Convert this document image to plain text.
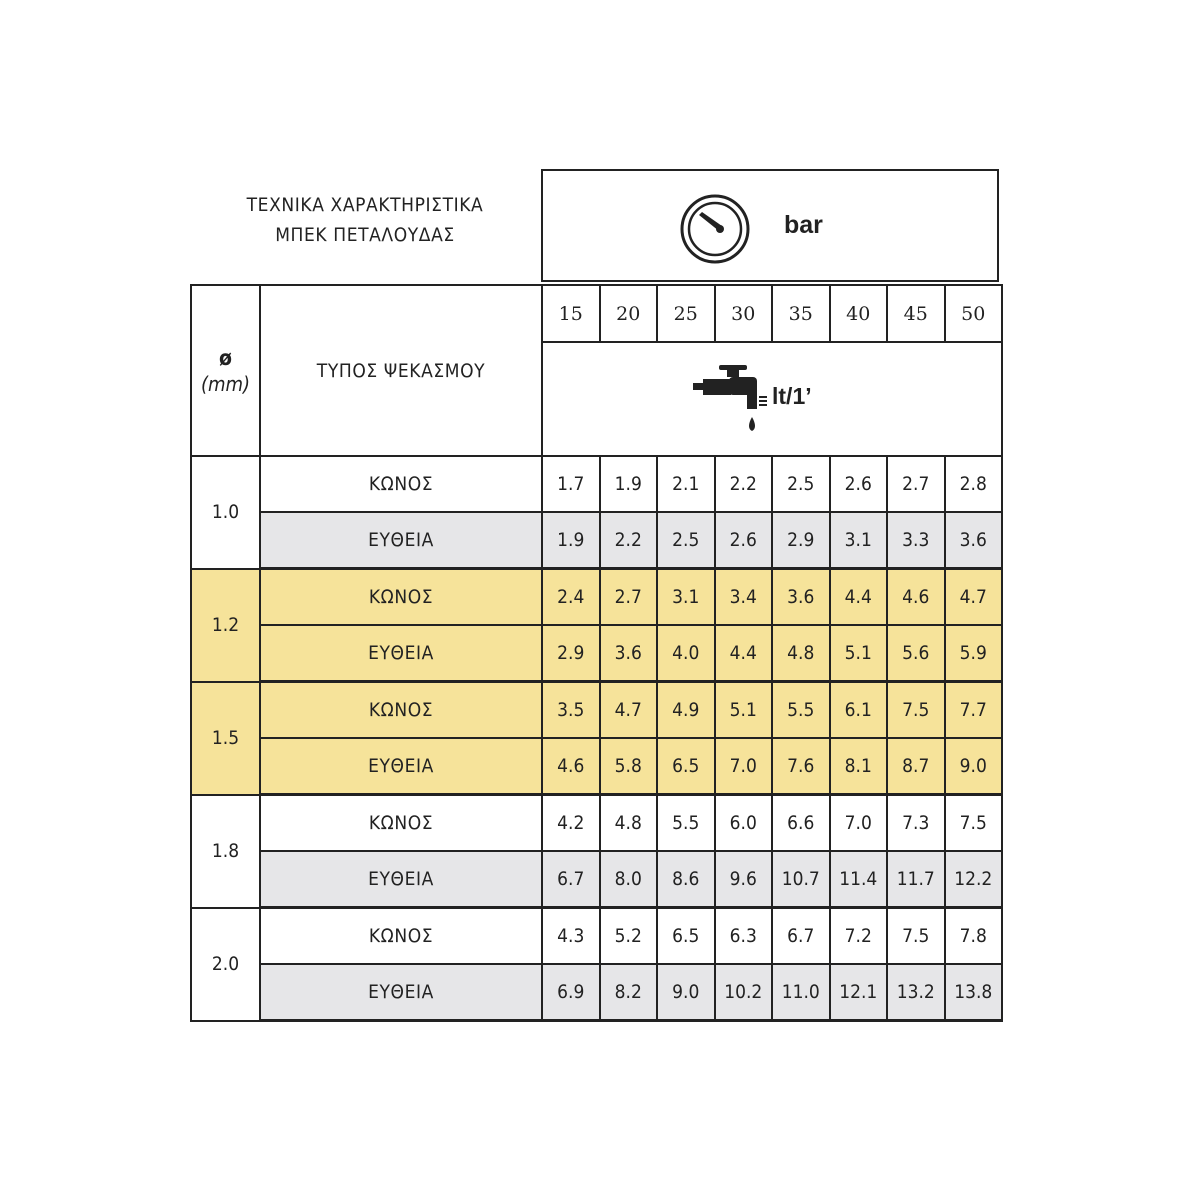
ΤΕΧΝΙΚΑ ΧΑΡΑΚΤΗΡΙΣΤΙΚΑ
ΜΠΕΚ ΠΕΤΑΛΟΥΔΑΣ	bar
ø
(mm)	ΤΥΠΟΣ ΨΕΚΑΣΜΟΥ	15	20	25	30	35	40	45	50

		lt/1’							

1.0	ΚΩΝΟΣ	1.7	1.9	2.1	2.2	2.5	2.6	2.7	2.8
	ΕΥΘΕΙΑ	1.9	2.2	2.5	2.6	2.9	3.1	3.3	3.6
1.2	ΚΩΝΟΣ	2.4	2.7	3.1	3.4	3.6	4.4	4.6	4.7
	ΕΥΘΕΙΑ	2.9	3.6	4.0	4.4	4.8	5.1	5.6	5.9
1.5	ΚΩΝΟΣ	3.5	4.7	4.9	5.1	5.5	6.1	7.5	7.7
	ΕΥΘΕΙΑ	4.6	5.8	6.5	7.0	7.6	8.1	8.7	9.0
1.8	ΚΩΝΟΣ	4.2	4.8	5.5	6.0	6.6	7.0	7.3	7.5
	ΕΥΘΕΙΑ	6.7	8.0	8.6	9.6	10.7	11.4	11.7	12.2
2.0	ΚΩΝΟΣ	4.3	5.2	6.5	6.3	6.7	7.2	7.5	7.8
	ΕΥΘΕΙΑ	6.9	8.2	9.0	10.2	11.0	12.1	13.2	13.8
